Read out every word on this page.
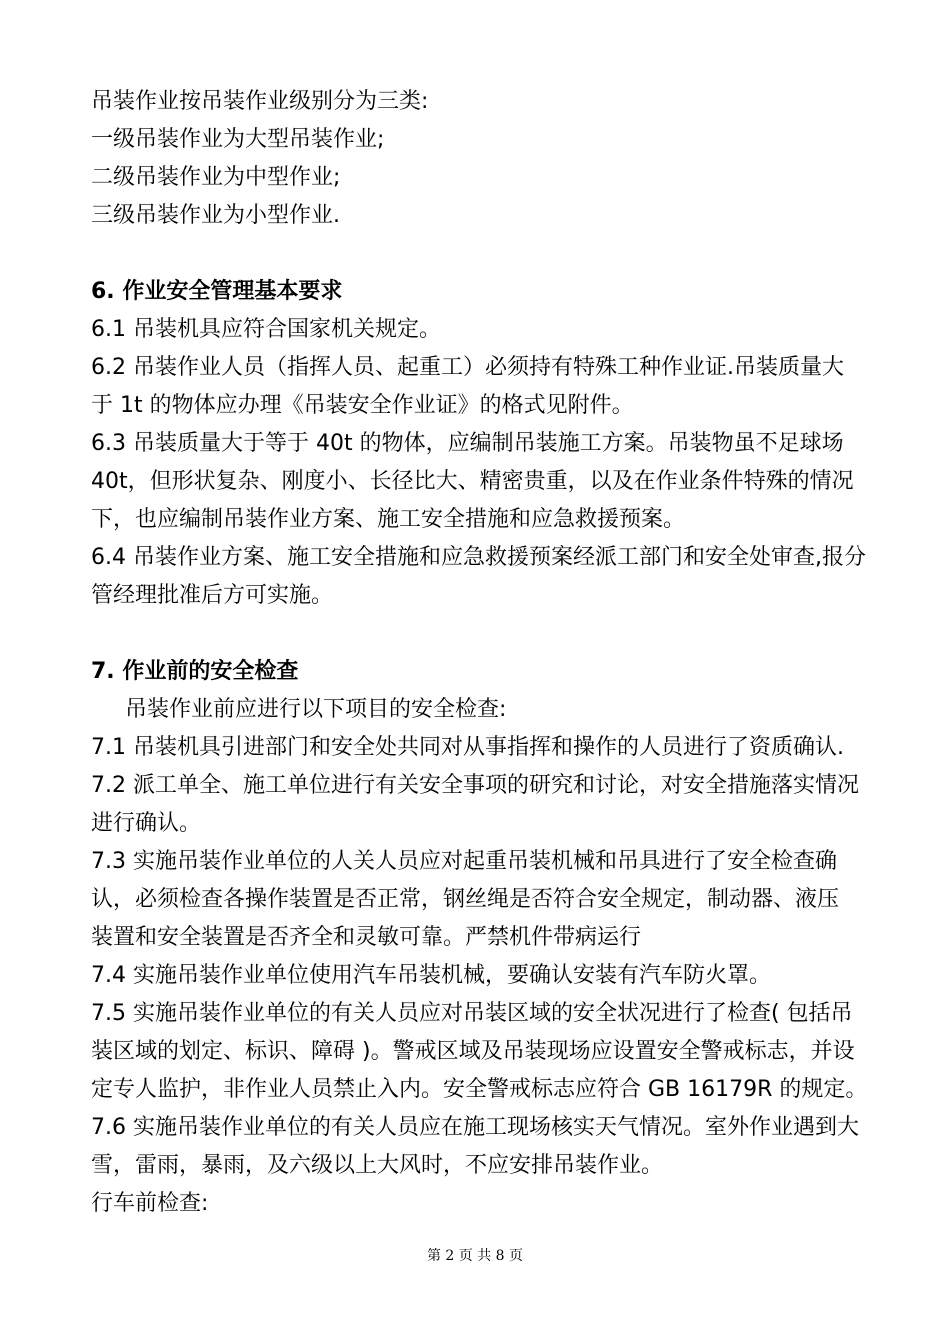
吊装作业按吊装作业级别分为三类:
一级吊装作业为大型吊装作业;
二级吊装作业为中型作业;
三级吊装作业为小型作业.
6. 作业安全管理基本要求
6.1 吊装机具应符合国家机关规定。
6.2 吊装作业人员（指挥人员、起重工）必须持有特殊工种作业证.吊装质量大
于 1t 的物体应办理《吊装安全作业证》的格式见附件。
6.3 吊装质量大于等于 40t 的物体，应编制吊装施工方案。吊装物虽不足球场
40t，但形状复杂、刚度小、长径比大、精密贵重，以及在作业条件特殊的情况
下，也应编制吊装作业方案、施工安全措施和应急救援预案。
6.4 吊装作业方案、施工安全措施和应急救援预案经派工部门和安全处审查,报分
管经理批准后方可实施。
7. 作业前的安全检查
吊装作业前应进行以下项目的安全检查:
7.1 吊装机具引进部门和安全处共同对从事指挥和操作的人员进行了资质确认.
7.2 派工单全、施工单位进行有关安全事项的研究和讨论，对安全措施落实情况
进行确认。
7.3 实施吊装作业单位的人关人员应对起重吊装机械和吊具进行了安全检查确
认，必须检查各操作装置是否正常，钢丝绳是否符合安全规定，制动器、液压
装置和安全装置是否齐全和灵敏可靠。严禁机件带病运行
7.4 实施吊装作业单位使用汽车吊装机械，要确认安装有汽车防火罩。
7.5 实施吊装作业单位的有关人员应对吊装区域的安全状况进行了检查( 包括吊
装区域的划定、标识、障碍 )。警戒区域及吊装现场应设置安全警戒标志，并设
定专人监护，非作业人员禁止入内。安全警戒标志应符合 GB 16179R 的规定。
7.6 实施吊装作业单位的有关人员应在施工现场核实天气情况。室外作业遇到大
雪，雷雨，暴雨，及六级以上大风时，不应安排吊装作业。
行车前检查:
第 2 页 共 8 页
